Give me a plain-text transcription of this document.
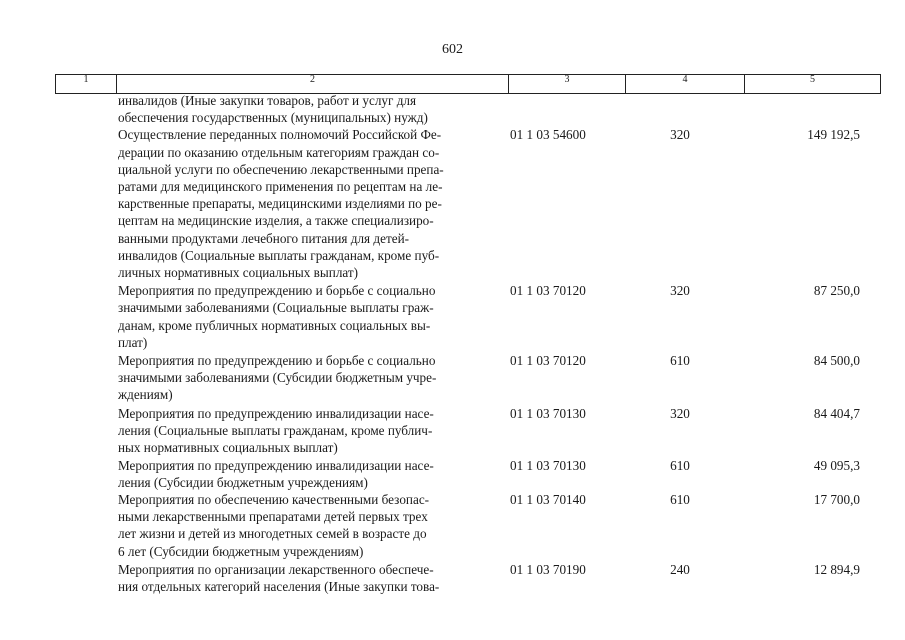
602
1	2	3	4	5
инвалидов (Иные закупки товаров, работ и услуг для
обеспечения государственных (муниципальных) нужд)
Осуществление переданных полномочий Российской Фе-
дерации по оказанию отдельным категориям граждан со-
циальной услуги по обеспечению лекарственными препа-
ратами для медицинского применения по рецептам на ле-
карственные препараты, медицинскими изделиями по ре-
цептам на медицинские изделия, а также специализиро-
ванными продуктами лечебного питания для детей-
инвалидов (Социальные выплаты гражданам, кроме пуб-
личных нормативных социальных выплат)
01 1 03 54600	320	149 192,5
Мероприятия по предупреждению и борьбе с социально
значимыми заболеваниями (Социальные выплаты граж-
данам, кроме публичных нормативных социальных вы-
плат)
01 1 03 70120	320	87 250,0
Мероприятия по предупреждению и борьбе с социально
значимыми заболеваниями (Субсидии бюджетным учре-
ждениям)
01 1 03 70120	610	84 500,0
Мероприятия по предупреждению инвалидизации насе-
ления (Социальные выплаты гражданам, кроме публич-
ных нормативных социальных выплат)
01 1 03 70130	320	84 404,7
Мероприятия по предупреждению инвалидизации насе-
ления (Субсидии бюджетным учреждениям)
01 1 03 70130	610	49 095,3
Мероприятия по обеспечению качественными безопас-
ными лекарственными препаратами детей первых трех
лет жизни и детей из многодетных семей в возрасте до
6 лет (Субсидии бюджетным учреждениям)
01 1 03 70140	610	17 700,0
Мероприятия по организации лекарственного обеспече-
ния отдельных категорий населения (Иные закупки това-
01 1 03 70190	240	12 894,9
